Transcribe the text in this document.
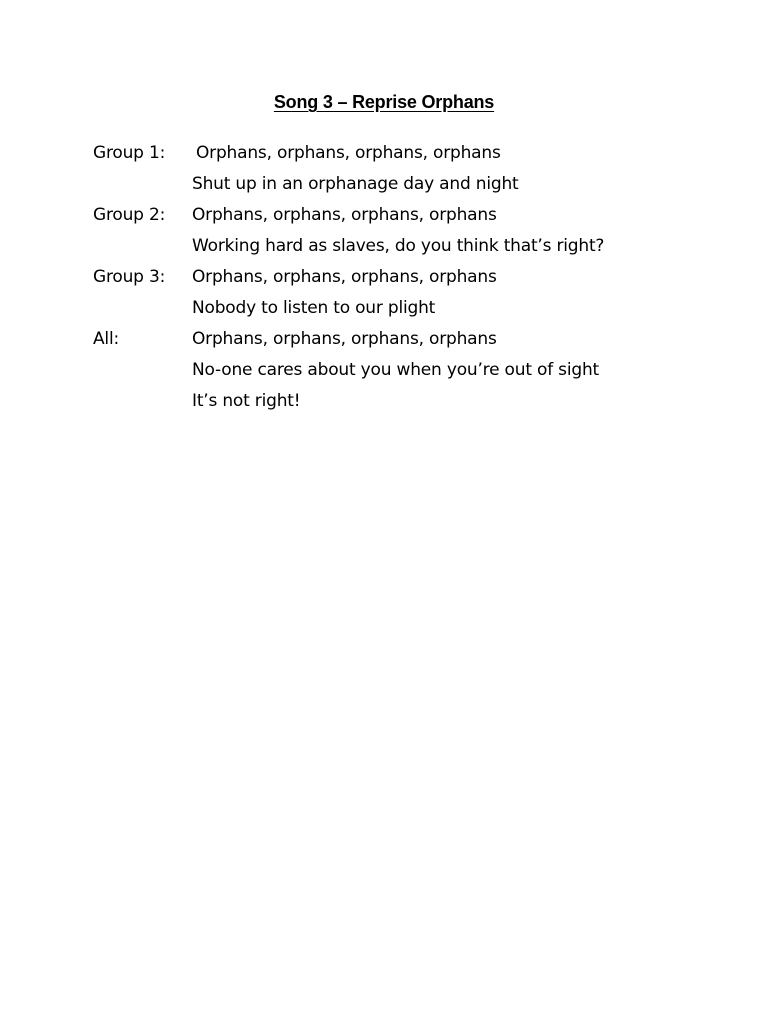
Song 3 – Reprise Orphans
Group 1: Orphans, orphans, orphans, orphans
Shut up in an orphanage day and night
Group 2: Orphans, orphans, orphans, orphans
Working hard as slaves, do you think that’s right?
Group 3: Orphans, orphans, orphans, orphans
Nobody to listen to our plight
All:	Orphans, orphans, orphans, orphans
No-one cares about you when you’re out of sight
It’s not right!
